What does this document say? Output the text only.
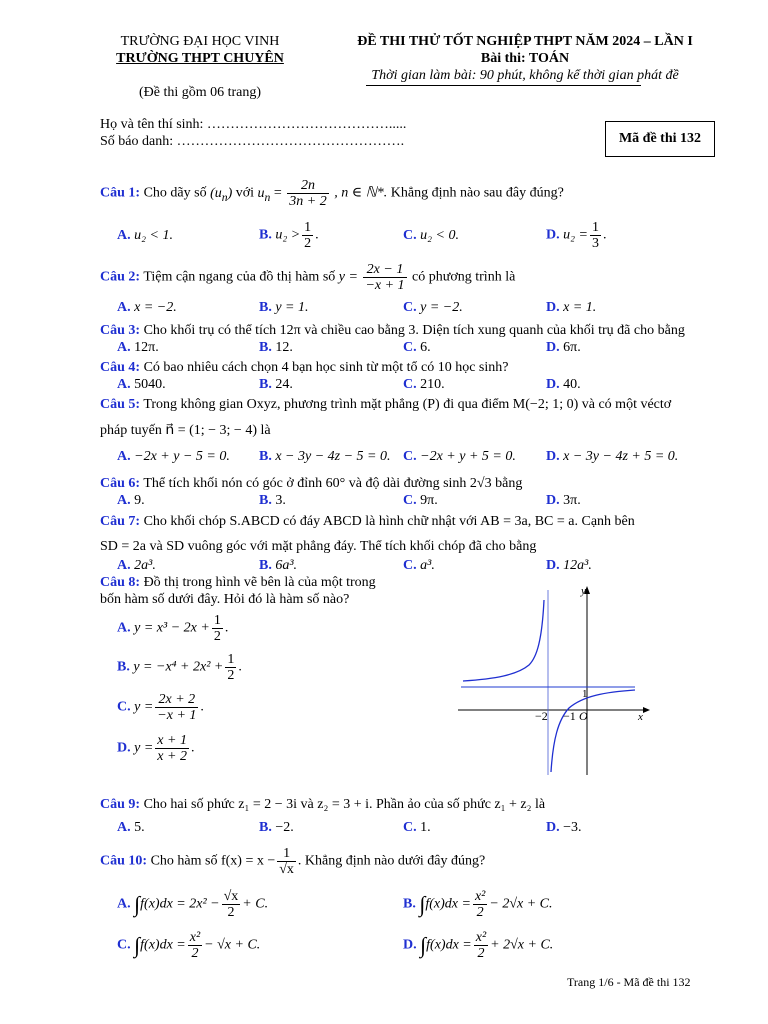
TRƯỜNG ĐẠI HỌC VINH
TRƯỜNG THPT CHUYÊN
(Đề thi gồm 06 trang)
ĐỀ THI THỬ TỐT NGHIỆP THPT NĂM 2024 – LẦN I
Bài thi: TOÁN
Thời gian làm bài: 90 phút, không kể thời gian phát đề
Họ và tên thí sinh: ………………………………….....
Số báo danh: ………………………………………….	Mã đề thi 132
Câu 1: Cho dãy số $(u_n)$ với $u_n = \frac{2n}{3n + 2}$ , n ∈ ℕ*. Khẳng định nào sau đây đúng?
A. u₂ < 1.	B. $u_2 > \frac{1}{2}$ .	C. u₂ < 0.	D. $u_2 = \frac{1}{3}$ .
Câu 2: Tiệm cận ngang của đồ thị hàm số $y = \frac{2x - 1}{-x + 1}$ có phương trình là
A. x = −2.	B. y = 1.	C. y = −2.	D. x = 1.
Câu 3: Cho khối trụ có thể tích 12π và chiều cao bằng 3. Diện tích xung quanh của khối trụ đã cho bằng
A. 12π.	B. 12.	C. 6.	D. 6π.
Câu 4: Có bao nhiêu cách chọn 4 bạn học sinh từ một tổ có 10 học sinh?
A. 5040.	B. 24.	C. 210.	D. 40.
Câu 5: Trong không gian Oxyz, phương trình mặt phẳng (P) đi qua điểm M(−2; 1; 0) và có một véctơ
pháp tuyến n⃗ = (1; − 3; − 4) là
A. −2x + y − 5 = 0. B. x − 3y − 4z − 5 = 0. C. −2x + y + 5 = 0. D. x − 3y − 4z + 5 = 0.
Câu 6: Thể tích khối nón có góc ở đỉnh 60° và độ dài đường sinh 2√3 bằng
A. 9.	B. 3.	C. 9π.	D. 3π.
Câu 7: Cho khối chóp S.ABCD có đáy ABCD là hình chữ nhật với AB = 3a, BC = a. Cạnh bên
SD = 2a và SD vuông góc với mặt phẳng đáy. Thể tích khối chóp đã cho bằng
A. 2a³.	B. 6a³.	C. a³.	D. 12a³.
Câu 8: Đồ thị trong hình vẽ bên là của một trong
bốn hàm số dưới đây. Hỏi đó là hàm số nào?
A. $y = x^3 - 2x + \frac{1}{2}$ .
B. $y = -x^4 + 2x^2 + \frac{1}{2}$ .
C. $y = \frac{2x + 2}{-x + 1}$ .
D. $y = \frac{x + 1}{x + 2}$ .
y
x
−2 −1 O
1
Câu 9: Cho hai số phức z₁ = 2 − 3i và z₂ = 3 + i. Phần ảo của số phức z₁ + z₂ là
A. 5.	B. −2.	C. 1.	D. −3.
Câu 10: Cho hàm số $f(x) = x - \frac{1}{√x}$ . Khẳng định nào dưới đây đúng?
A. $\int f(x)dx = 2x^2 - \frac{√x}{2} + C$.	B. $\int f(x)dx = \frac{\text{x²}}{2} - 2√x + C$.
C. $\int f(x)dx = \frac{\text{x²}}{2} - √x + C$.	D. $\int f(x)dx = \frac{\text{x²}}{2} + 2√x + C$.
Trang 1/6 - Mã đề thi 132
